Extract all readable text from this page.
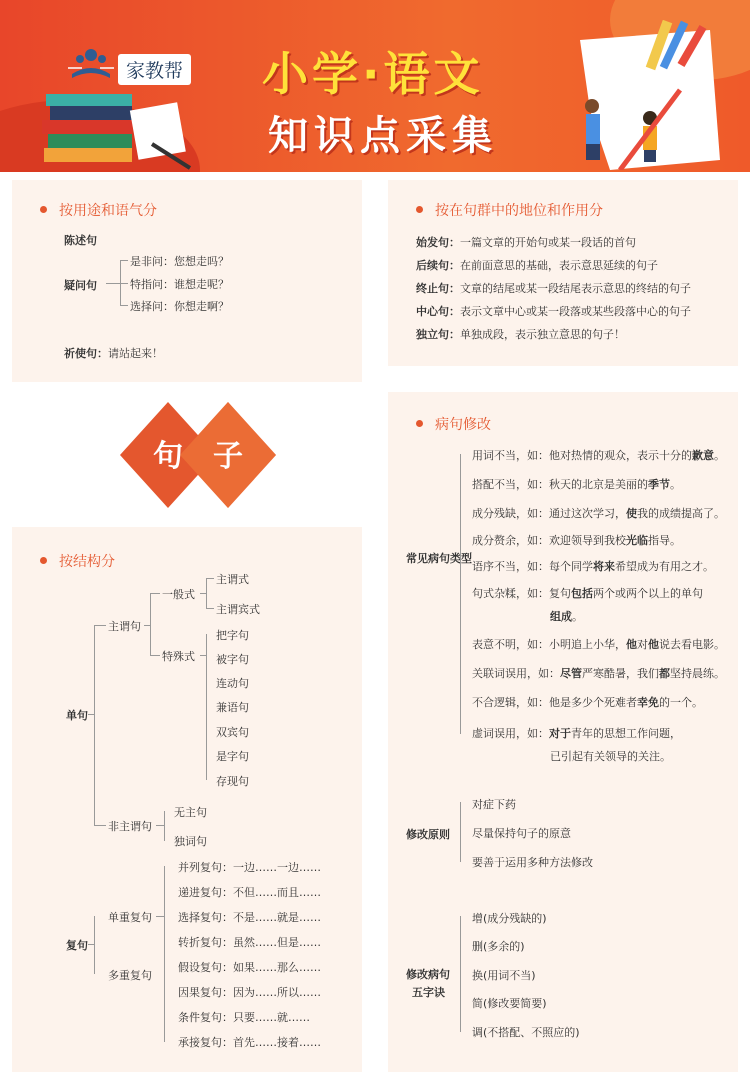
家教帮 小学·语文
知识点采集
按用途和语气分
陈述句
疑问句
是非问：您想走吗？
特指问：谁想走呢？
选择问：你想走啊？
祈使句：请站起来！
按在句群中的地位和作用分
始发句：一篇文章的开始句或某一段话的首句
后续句：在前面意思的基础，表示意思延续的句子
终止句：文章的结尾或某一段结尾表示意思的终结的句子
中心句：表示文章中心或某一段落或某些段落中心的句子
独立句：单独成段，表示独立意思的句子！
句 子
按结构分
单句
主谓句
一般式
主谓式
主谓宾式
特殊式
把字句
被字句
连动句
兼语句
双宾句
是字句
存现句
非主谓句
无主句
独词句
复句
单重复句
多重复句
并列复句：一边……一边……
递进复句：不但……而且……
选择复句：不是……就是……
转折复句：虽然……但是……
假设复句：如果……那么……
因果复句：因为……所以……
条件复句：只要……就……
承接复句：首先……接着……
病句修改
常见病句类型
用词不当，如：他对热情的观众，表示十分的歉意。
搭配不当，如：秋天的北京是美丽的季节。
成分残缺，如：通过这次学习，使我的成绩提高了。
成分赘余，如：欢迎领导到我校光临指导。
语序不当，如：每个同学将来希望成为有用之才。
句式杂糅，如：复句包括两个或两个以上的单句
组成。
表意不明，如：小明追上小华，他对他说去看电影。
关联词误用，如：尽管严寒酷暑，我们都坚持晨练。
不合逻辑，如：他是多少个死难者幸免的一个。
虚词误用，如：对于青年的思想工作问题，
已引起有关领导的关注。
修改原则
对症下药
尽量保持句子的原意
要善于运用多种方法修改
修改病句
五字诀
增(成分残缺的)
删(多余的)
换(用词不当)
简(修改要简要)
调(不搭配、不照应的)
